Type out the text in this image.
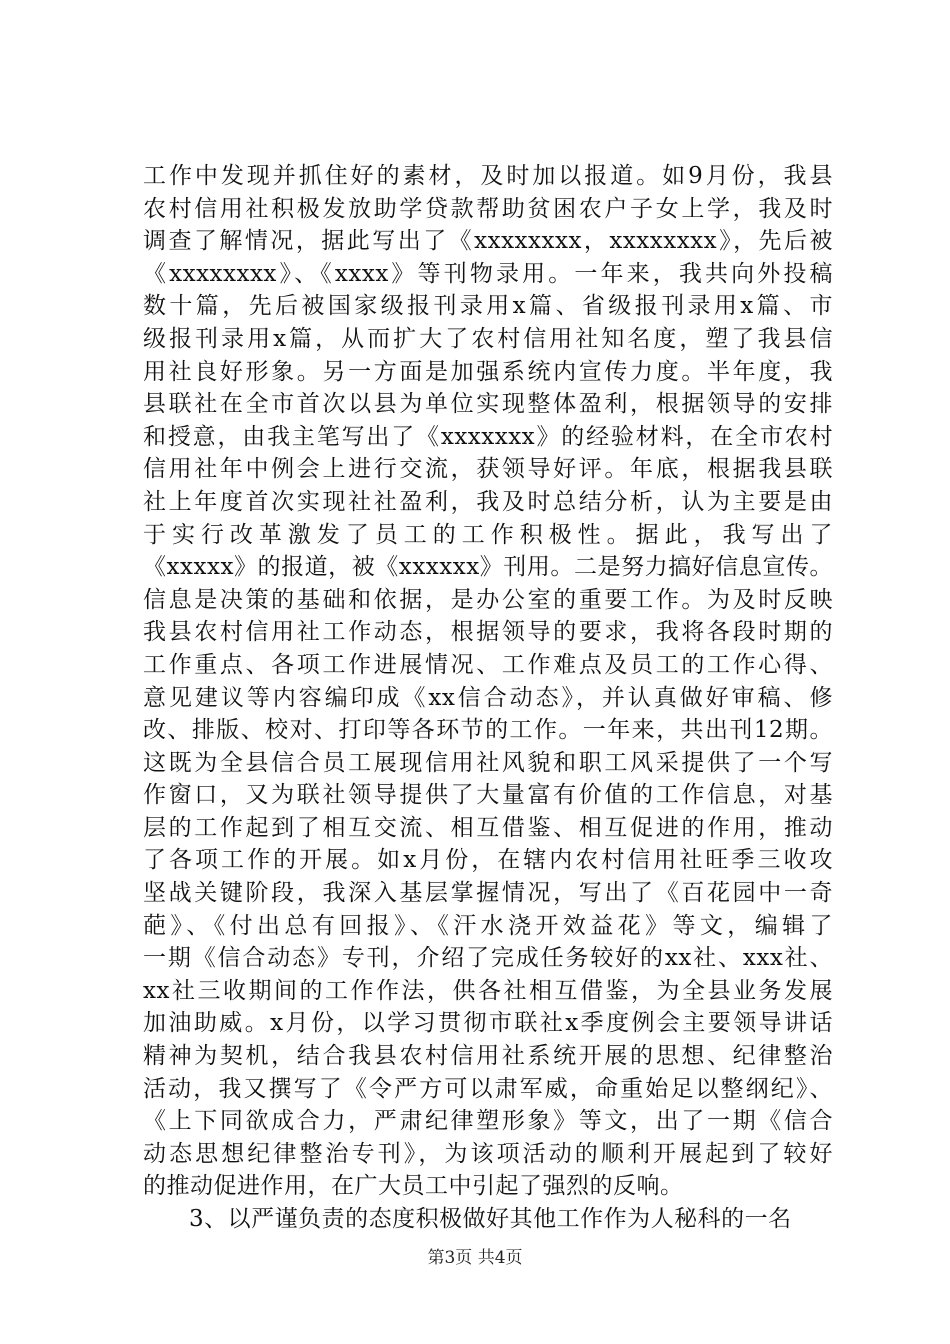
工作中发现并抓住好的素材，及时加以报道。如9月份，我县
农村信用社积极发放助学贷款帮助贫困农户子女上学，我及时
调查了解情况，据此写出了《xxxxxxxx，xxxxxxxx》，先后被
《xxxxxxxx》、《xxxx》等刊物录用。一年来，我共向外投稿
数十篇，先后被国家级报刊录用x篇、省级报刊录用x篇、市
级报刊录用x篇，从而扩大了农村信用社知名度，塑了我县信
用社良好形象。另一方面是加强系统内宣传力度。半年度，我
县联社在全市首次以县为单位实现整体盈利，根据领导的安排
和授意，由我主笔写出了《xxxxxxx》的经验材料，在全市农村
信用社年中例会上进行交流，获领导好评。年底，根据我县联
社上年度首次实现社社盈利，我及时总结分析，认为主要是由
于实行改革激发了员工的工作积极性。据此，我写出了
《xxxxx》的报道，被《xxxxxx》刊用。二是努力搞好信息宣传。
信息是决策的基础和依据，是办公室的重要工作。为及时反映
我县农村信用社工作动态，根据领导的要求，我将各段时期的
工作重点、各项工作进展情况、工作难点及员工的工作心得、
意见建议等内容编印成《xx信合动态》，并认真做好审稿、修
改、排版、校对、打印等各环节的工作。一年来，共出刊12期。
这既为全县信合员工展现信用社风貌和职工风采提供了一个写
作窗口，又为联社领导提供了大量富有价值的工作信息，对基
层的工作起到了相互交流、相互借鉴、相互促进的作用，推动
了各项工作的开展。如x月份，在辖内农村信用社旺季三收攻
坚战关键阶段，我深入基层掌握情况，写出了《百花园中一奇
葩》、《付出总有回报》、《汗水浇开效益花》等文，编辑了
一期《信合动态》专刊，介绍了完成任务较好的xx社、xxx社、
xx社三收期间的工作作法，供各社相互借鉴，为全县业务发展
加油助威。x月份，以学习贯彻市联社x季度例会主要领导讲话
精神为契机，结合我县农村信用社系统开展的思想、纪律整治
活动，我又撰写了《令严方可以肃军威，命重始足以整纲纪》、
《上下同欲成合力，严肃纪律塑形象》等文，出了一期《信合
动态思想纪律整治专刊》，为该项活动的顺利开展起到了较好
的推动促进作用，在广大员工中引起了强烈的反响。
3、以严谨负责的态度积极做好其他工作作为人秘科的一名
第3页 共4页
